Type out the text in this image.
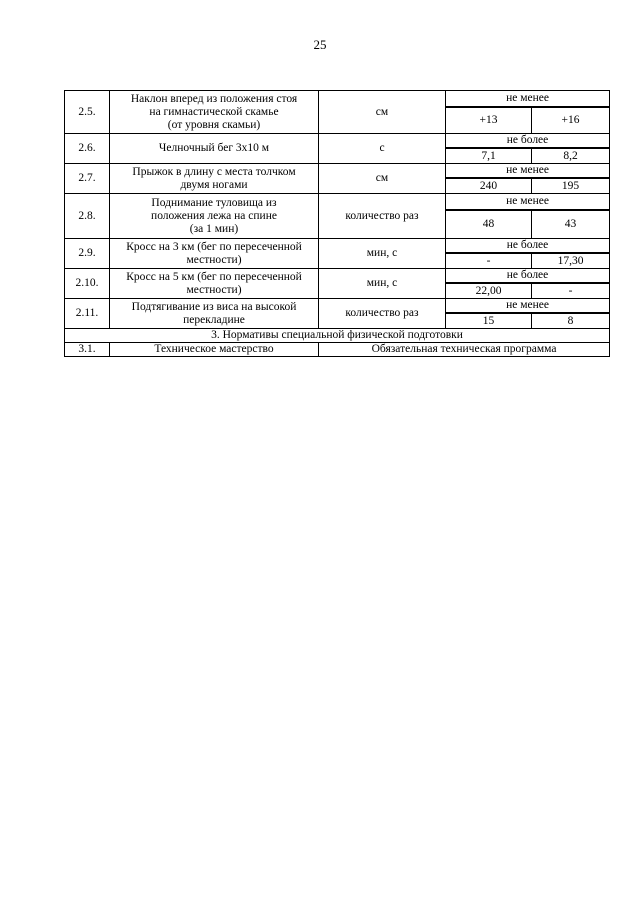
25
2.5.	Наклон вперед из положения стоя
на гимнастической скамье
(от уровня скамьи)	см	не менее	
			+13	+16
2.6.	Челночный бег 3х10 м	с	не более	
			7,1	8,2
2.7.	Прыжок в длину с места толчком
двумя ногами	см	не менее	
			240	195
2.8.	Поднимание туловища из
положения лежа на спине
(за 1 мин)	количество раз	не менее	
			48	43
2.9.	Кросс на 3 км (бег по пересеченной
местности)	мин, с	не более	
			-	17,30
2.10.	Кросс на 5 км (бег по пересеченной
местности)	мин, с	не более	
			22,00	-
2.11.	Подтягивание из виса на высокой
перекладине	количество раз	не менее	
			15	8
3. Нормативы специальной физической подготовки				
3.1.	Техническое мастерство	Обязательная техническая программа		
